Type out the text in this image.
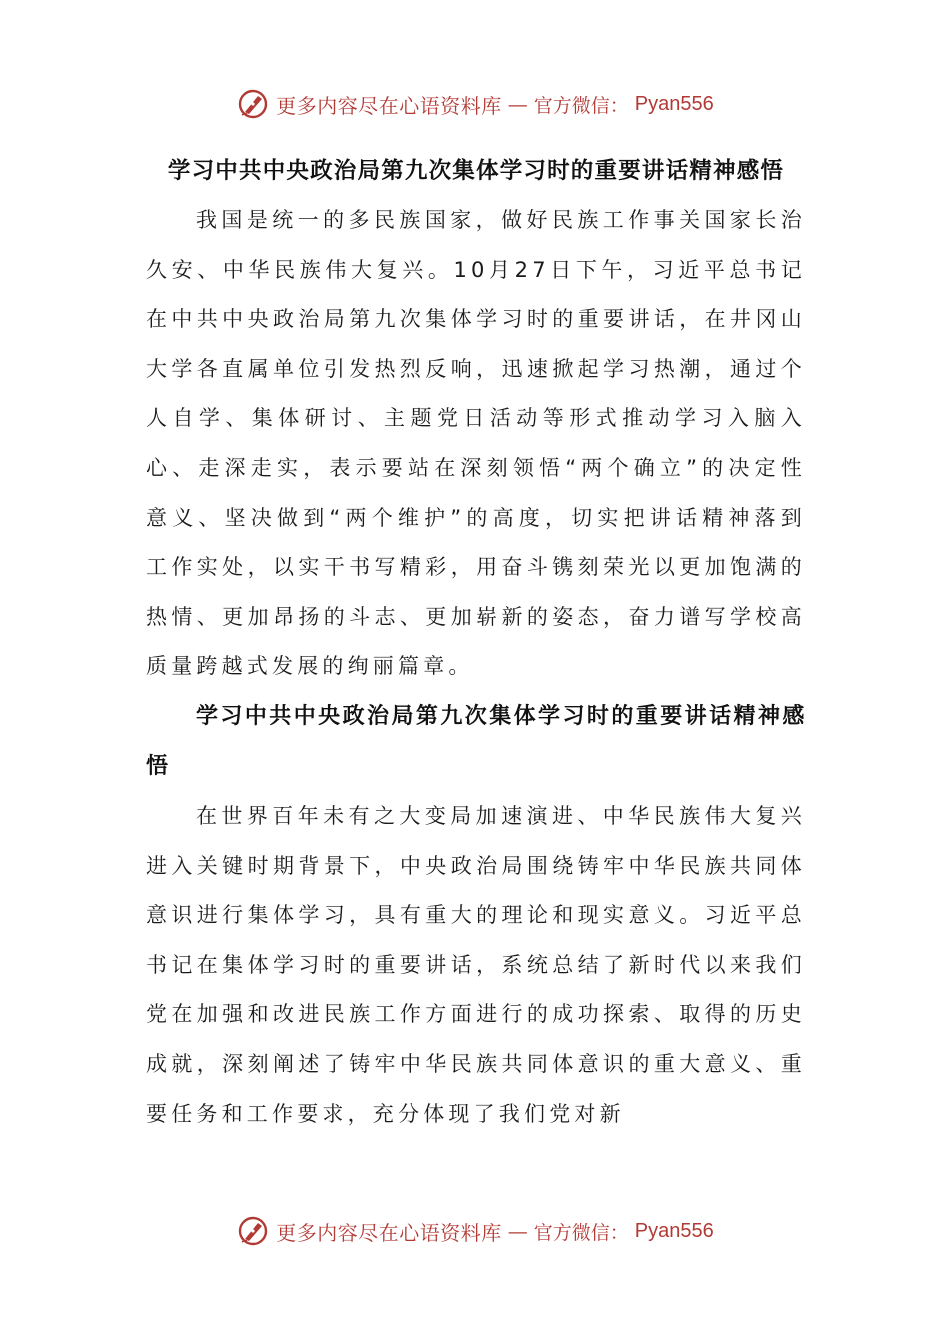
更多内容尽在心语资料库 — 官方微信： Pyan556
学习中共中央政治局第九次集体学习时的重要讲话精神感悟

我国是统一的多民族国家，做好民族工作事关国家长治久安、中华民族伟大复兴。10月27日下午，习近平总书记在中共中央政治局第九次集体学习时的重要讲话，在井冈山大学各直属单位引发热烈反响，迅速掀起学习热潮，通过个人自学、集体研讨、主题党日活动等形式推动学习入脑入心、走深走实，表示要站在深刻领悟“两个确立”的决定性意义、坚决做到“两个维护”的高度，切实把讲话精神落到工作实处，以实干书写精彩，用奋斗镌刻荣光以更加饱满的热情、更加昂扬的斗志、更加崭新的姿态，奋力谱写学校高质量跨越式发展的绚丽篇章。

学习中共中央政治局第九次集体学习时的重要讲话精神感悟

在世界百年未有之大变局加速演进、中华民族伟大复兴进入关键时期背景下，中央政治局围绕铸牢中华民族共同体意识进行集体学习，具有重大的理论和现实意义。习近平总书记在集体学习时的重要讲话，系统总结了新时代以来我们党在加强和改进民族工作方面进行的成功探索、取得的历史成就，深刻阐述了铸牢中华民族共同体意识的重大意义、重要任务和工作要求，充分体现了我们党对新

更多内容尽在心语资料库 — 官方微信： Pyan556
